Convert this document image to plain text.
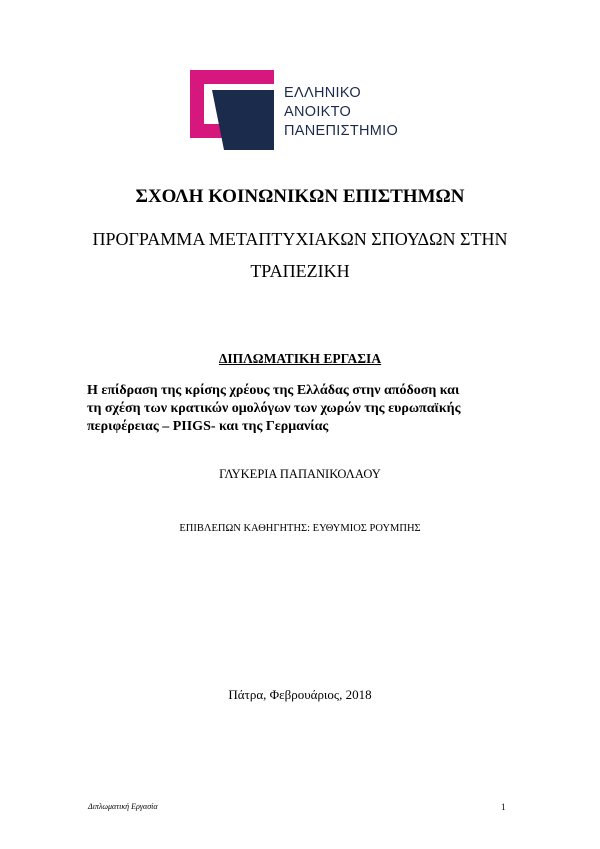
ΕΛΛΗΝΙΚΟ
ΑΝΟΙΚΤΟ
ΠΑΝΕΠΙΣΤΗΜΙΟ
ΣΧΟΛΗ ΚΟΙΝΩΝΙΚΩΝ ΕΠΙΣΤΗΜΩΝ
ΠΡΟΓΡΑΜΜΑ ΜΕΤΑΠΤΥΧΙΑΚΩΝ ΣΠΟΥΔΩΝ ΣΤΗΝ
ΤΡΑΠΕΖΙΚΗ
ΔΙΠΛΩΜΑΤΙΚΗ ΕΡΓΑΣΙΑ
Η επίδραση της κρίσης χρέους της Ελλάδας στην απόδοση και
τη σχέση των κρατικών ομολόγων των χωρών της ευρωπαϊκής
περιφέρειας – PIIGS- και της Γερμανίας
ΓΛΥΚΕΡΙΑ ΠΑΠΑΝΙΚΟΛΑΟΥ
ΕΠΙΒΛΕΠΩΝ ΚΑΘΗΓΗΤΗΣ: ΕΥΘΥΜΙΟΣ ΡΟΥΜΠΗΣ
Πάτρα, Φεβρουάριος, 2018
Διπλωματική Εργασία	1
